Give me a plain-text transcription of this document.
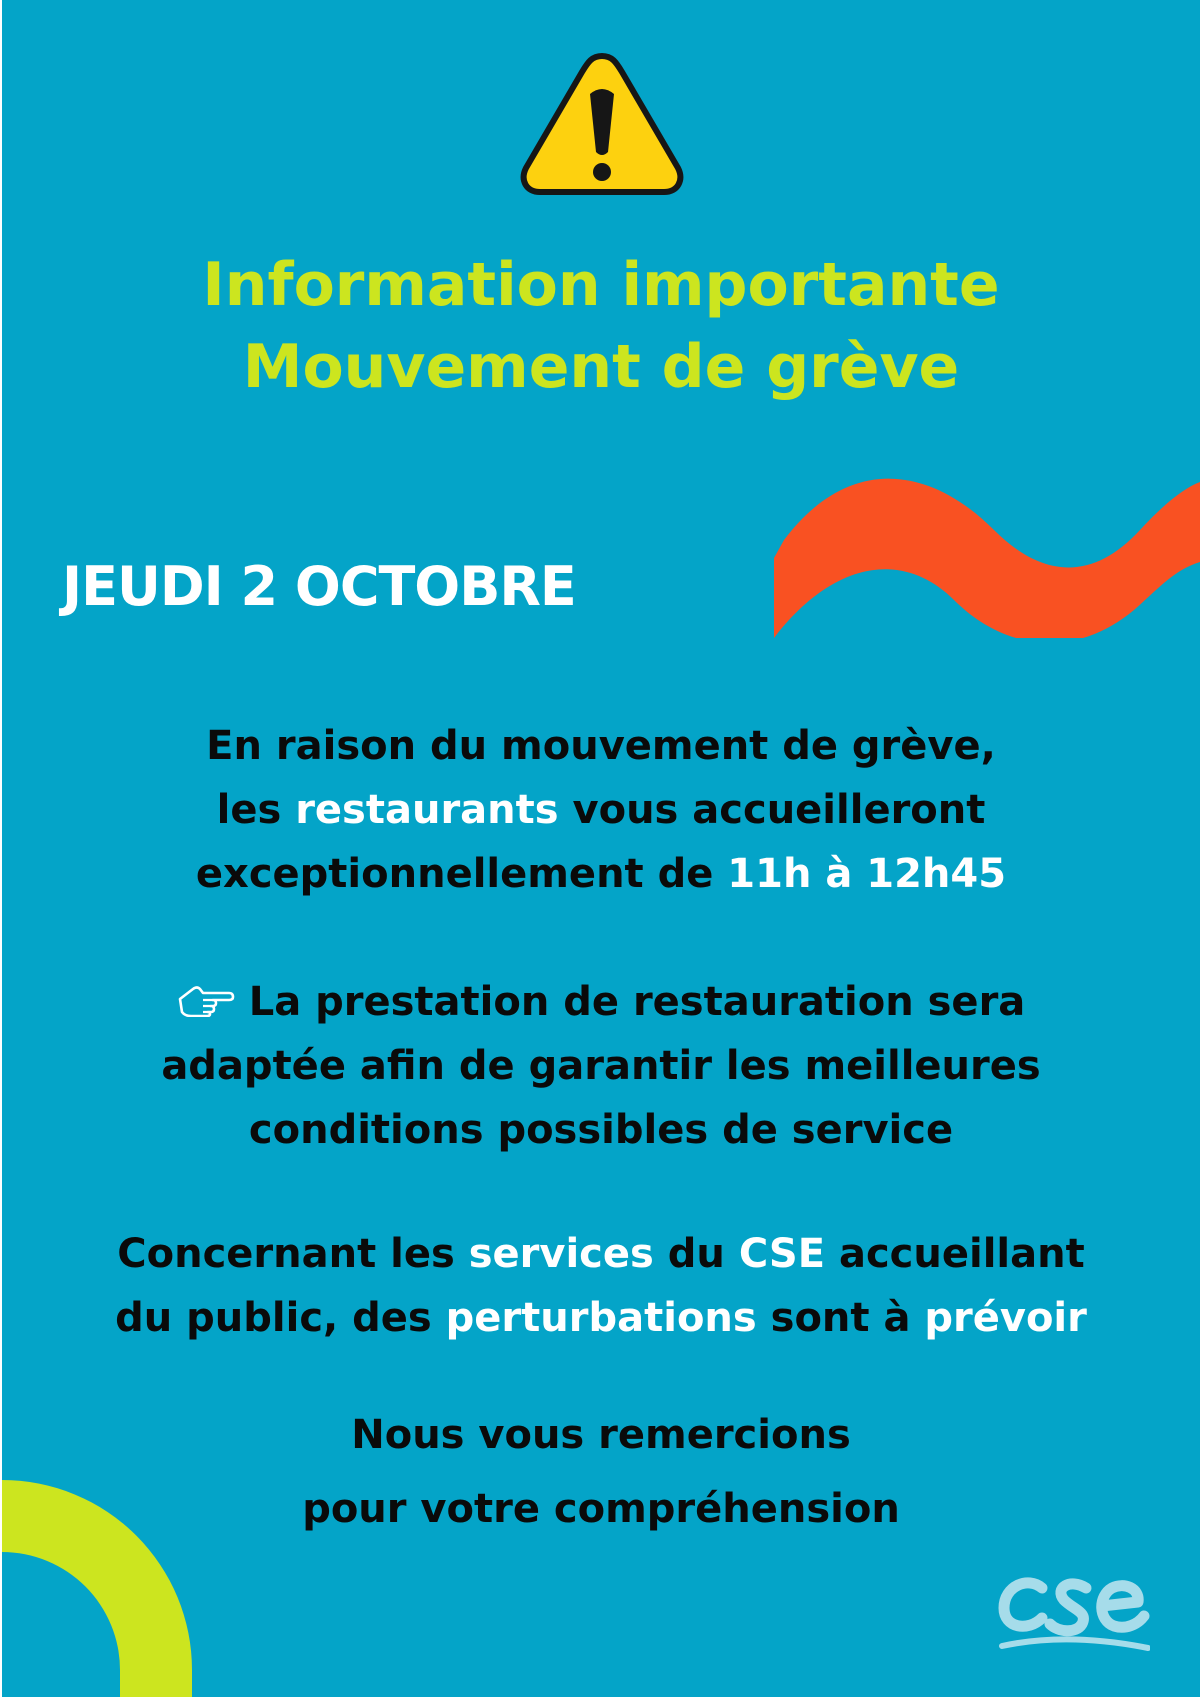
Information importante
Mouvement de grève
JEUDI 2 OCTOBRE
En raison du mouvement de grève,
les restaurants vous accueilleront
exceptionnellement de 11h à 12h45
La prestation de restauration sera
adaptée afin de garantir les meilleures
conditions possibles de service
Concernant les services du CSE accueillant
du public, des perturbations sont à prévoir
Nous vous remercions
pour votre compréhension
